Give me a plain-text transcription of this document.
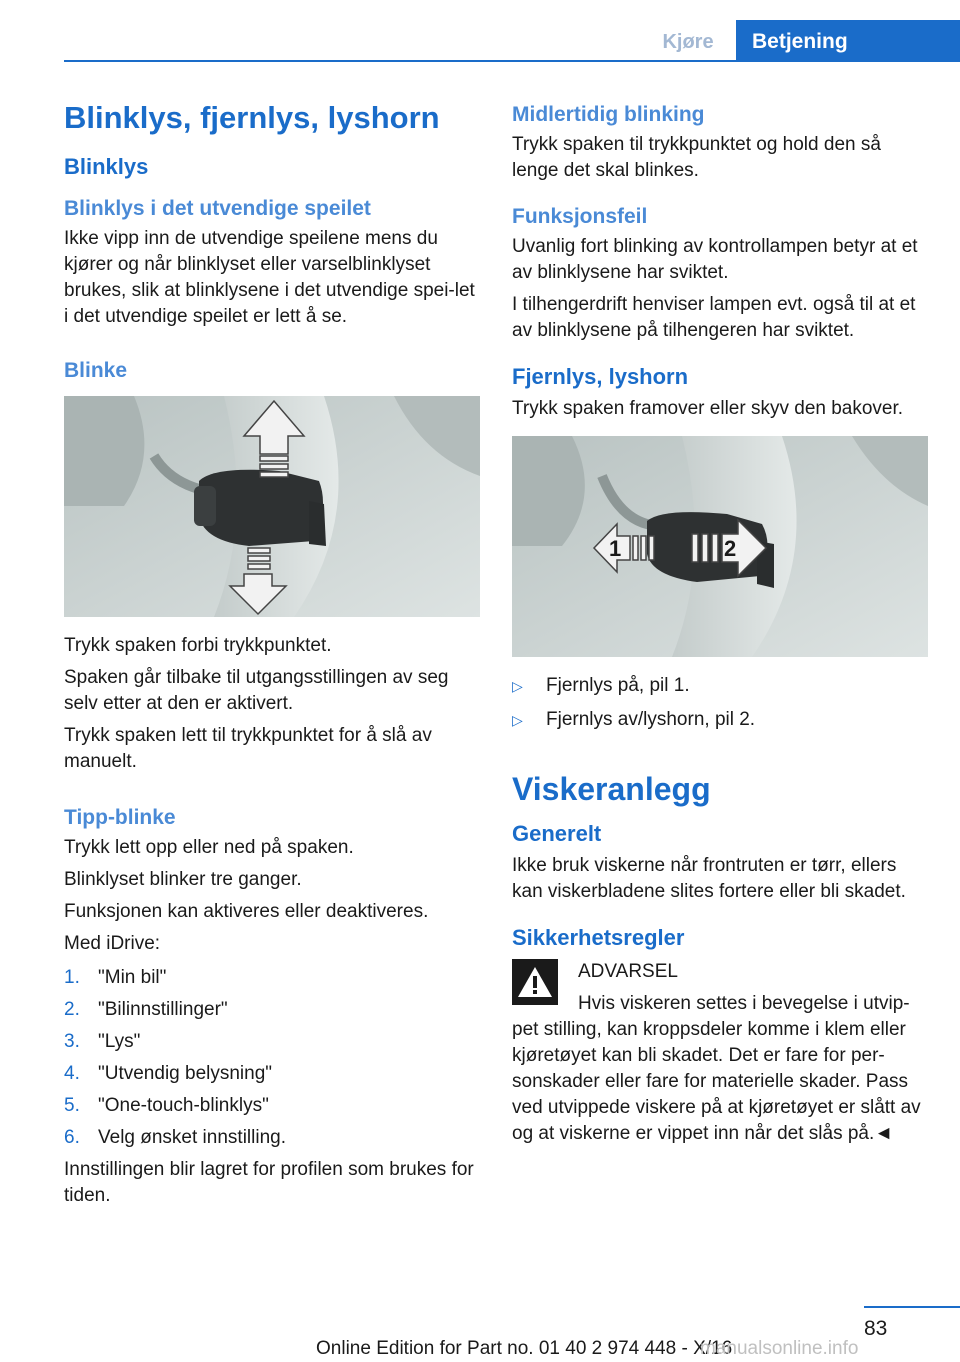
Kjøre	Betjening
Blinklys, fjernlys, lyshorn
Blinklys
Blinklys i det utvendige speilet

Ikke vipp inn de utvendige speilene mens du kjører og når blinklyset eller varselblinklyset brukes, slik at blinklysene i det utvendige spei-let i det utvendige speilet er lett å se.

Blinke

Trykk spaken forbi trykkpunktet.

Spaken går tilbake til utgangsstillingen av seg selv etter at den er aktivert.

Trykk spaken lett til trykkpunktet for å slå av manuelt.

Tipp-blinke

Trykk lett opp eller ned på spaken.

Blinklyset blinker tre ganger.

Funksjonen kan aktiveres eller deaktiveres.

Med iDrive:

1. "Min bil"
2. "Bilinnstillinger"
3. "Lys"
4. "Utvendig belysning"
5. "One-touch-blinklys"
6. Velg ønsket innstilling.

Innstillingen blir lagret for profilen som brukes for tiden.

Midlertidig blinking

Trykk spaken til trykkpunktet og hold den så lenge det skal blinkes.

Funksjonsfeil

Uvanlig fort blinking av kontrollampen betyr at et av blinklysene har sviktet.

I tilhengerdrift henviser lampen evt. også til at et av blinklysene på tilhengeren har sviktet.

Fjernlys, lyshorn

Trykk spaken framover eller skyv den bakover.

1	2
▷	Fjernlys på, pil 1.
▷	Fjernlys av/lyshorn, pil 2.
Viskeranlegg
Generelt

Ikke bruk viskerne når frontruten er tørr, ellers kan viskerbladene slites fortere eller bli skadet.

Sikkerhetsregler
ADVARSEL

Hvis viskeren settes i bevegelse i utvip-pet stilling, kan kroppsdeler komme i klem eller kjøretøyet kan bli skadet. Det er fare for per-sonskader eller fare for materielle skader. Pass ved utvippede viskere på at kjøretøyet er slått av og at viskerne er vippet inn når det slås på.◄

83
Online Edition for Part no. 01 40 2 974 448 - X/16
manualsonline.info
